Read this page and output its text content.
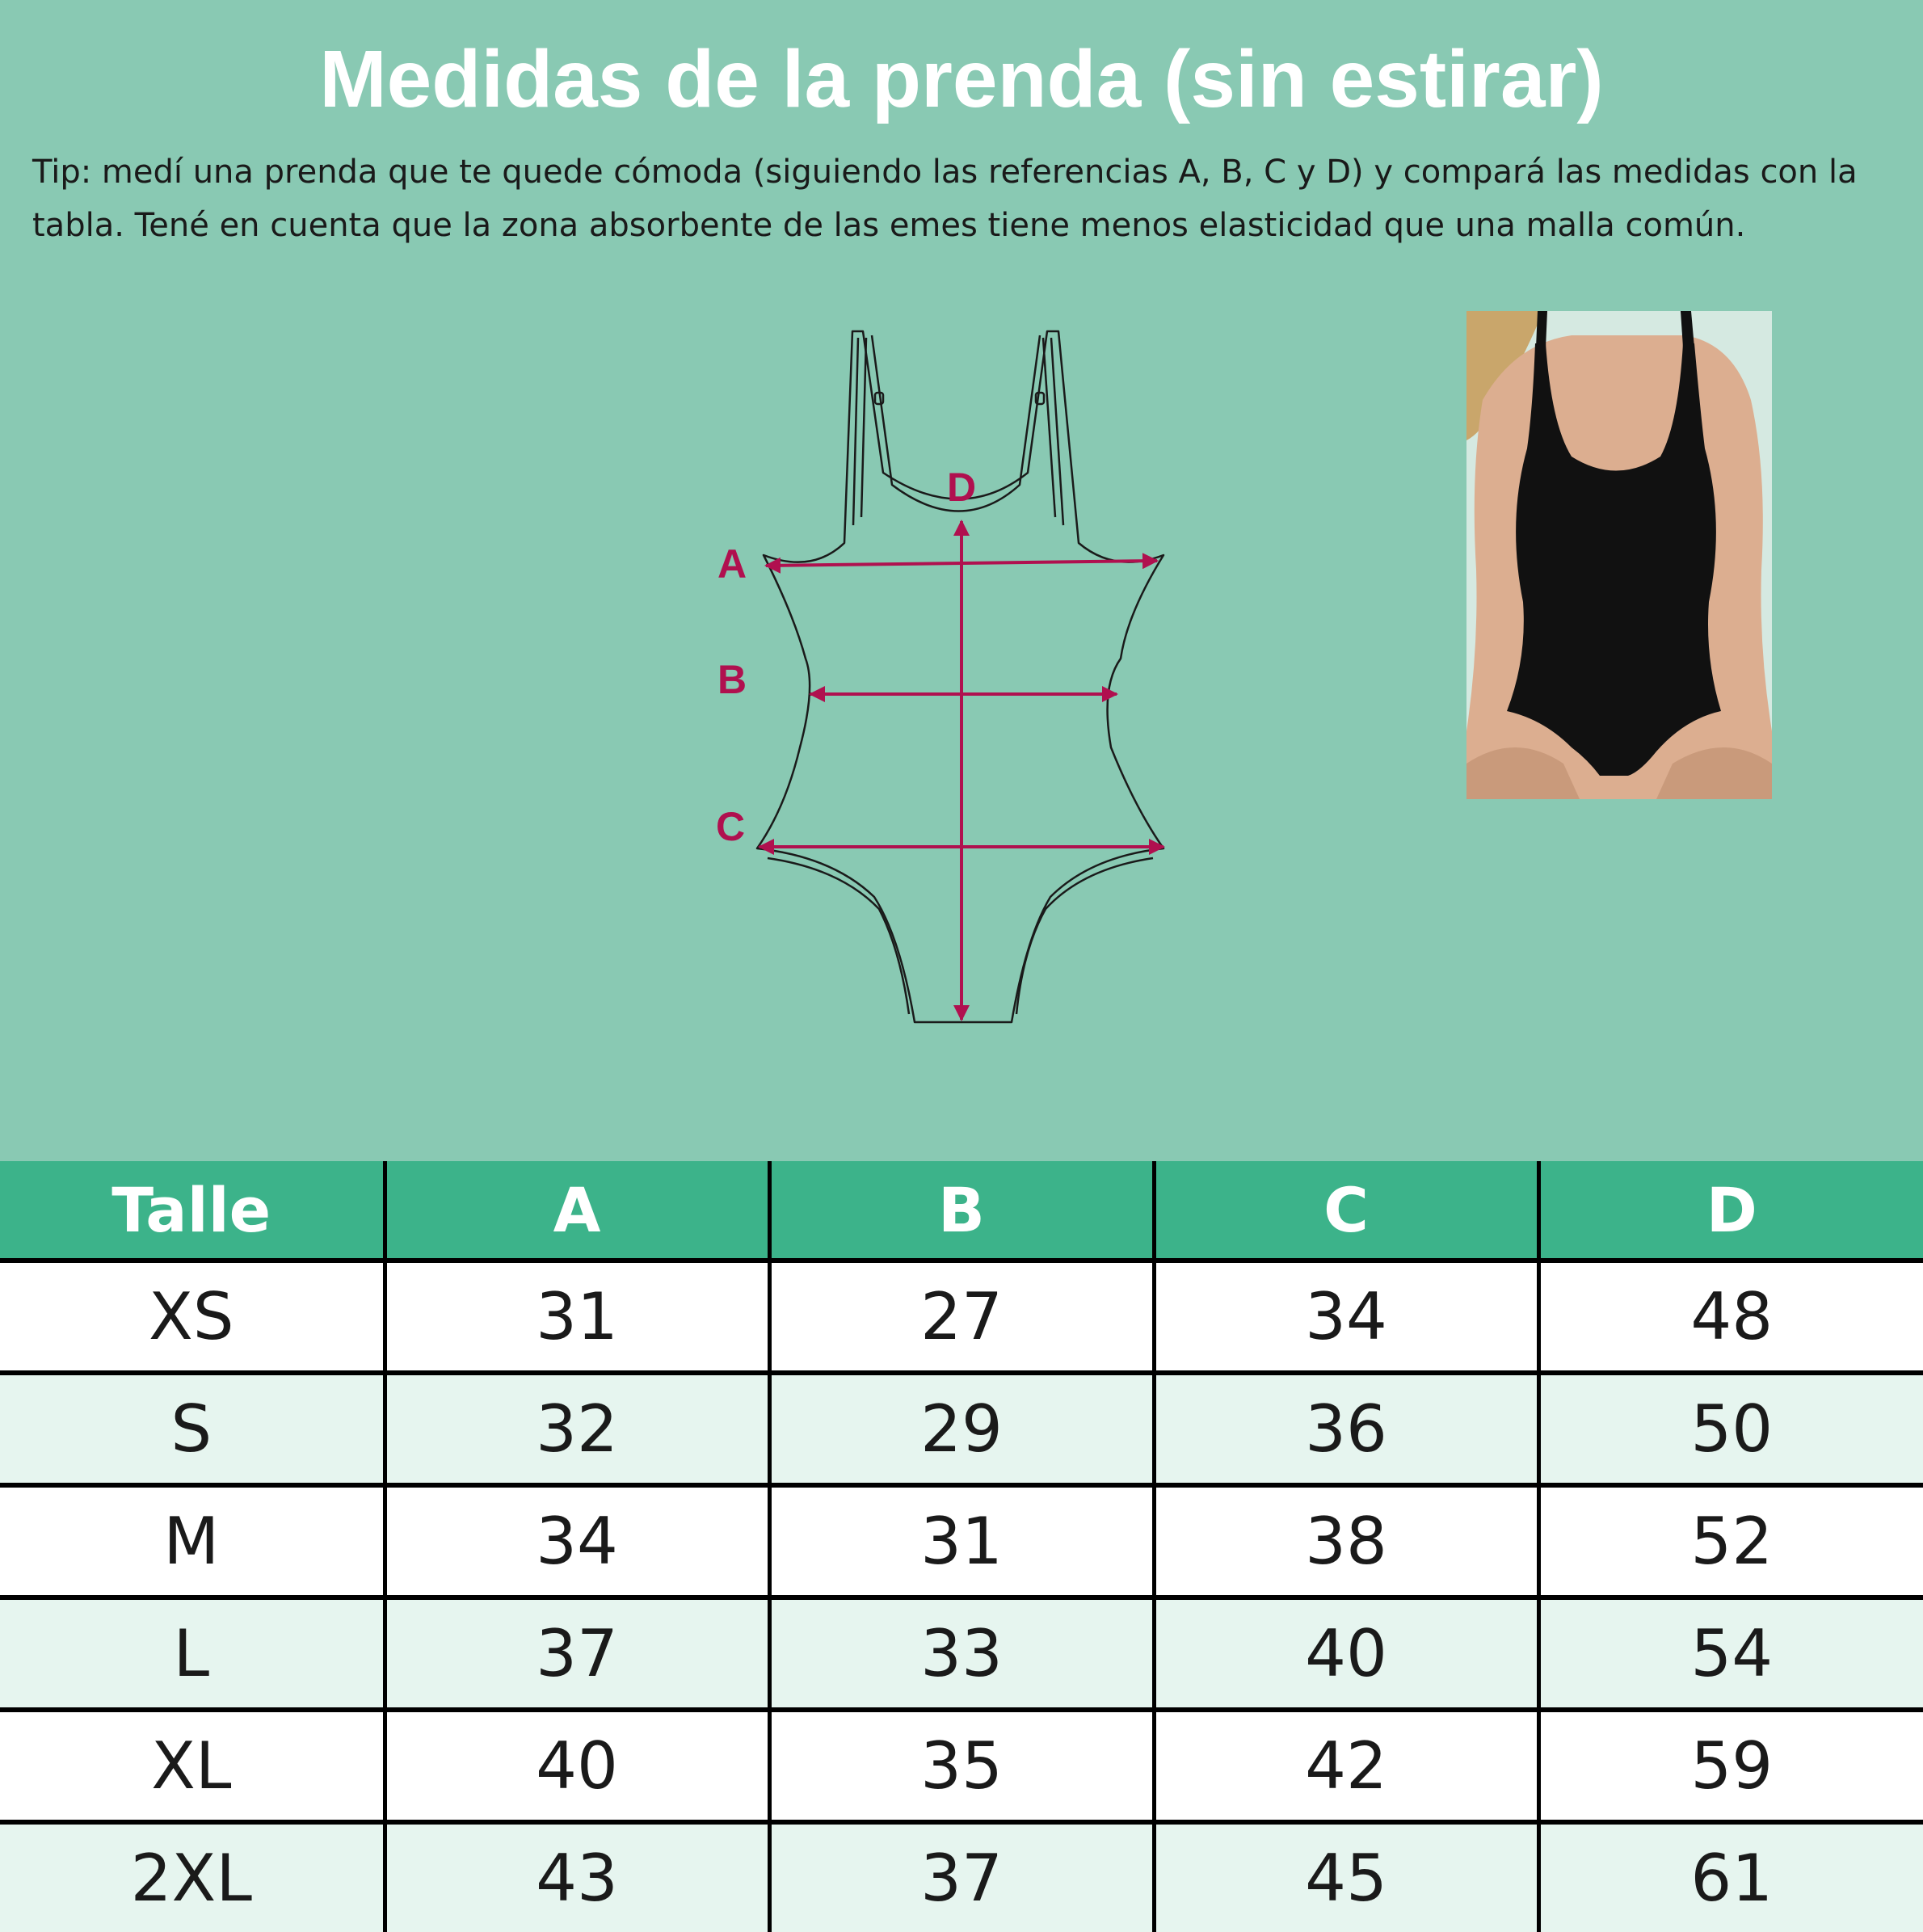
Medidas de la prenda (sin estirar)
Tip: medí una prenda que te quede cómoda (siguiendo las referencias A, B, C y D) y compará las medidas con la tabla. Tené en cuenta que la zona absorbente de las emes tiene menos elasticidad que una malla común.
A
B
C
D
Talle	A	B	C	D
XS	31	27	34	48
S	32	29	36	50
M	34	31	38	52
L	37	33	40	54
XL	40	35	42	59
2XL	43	37	45	61
